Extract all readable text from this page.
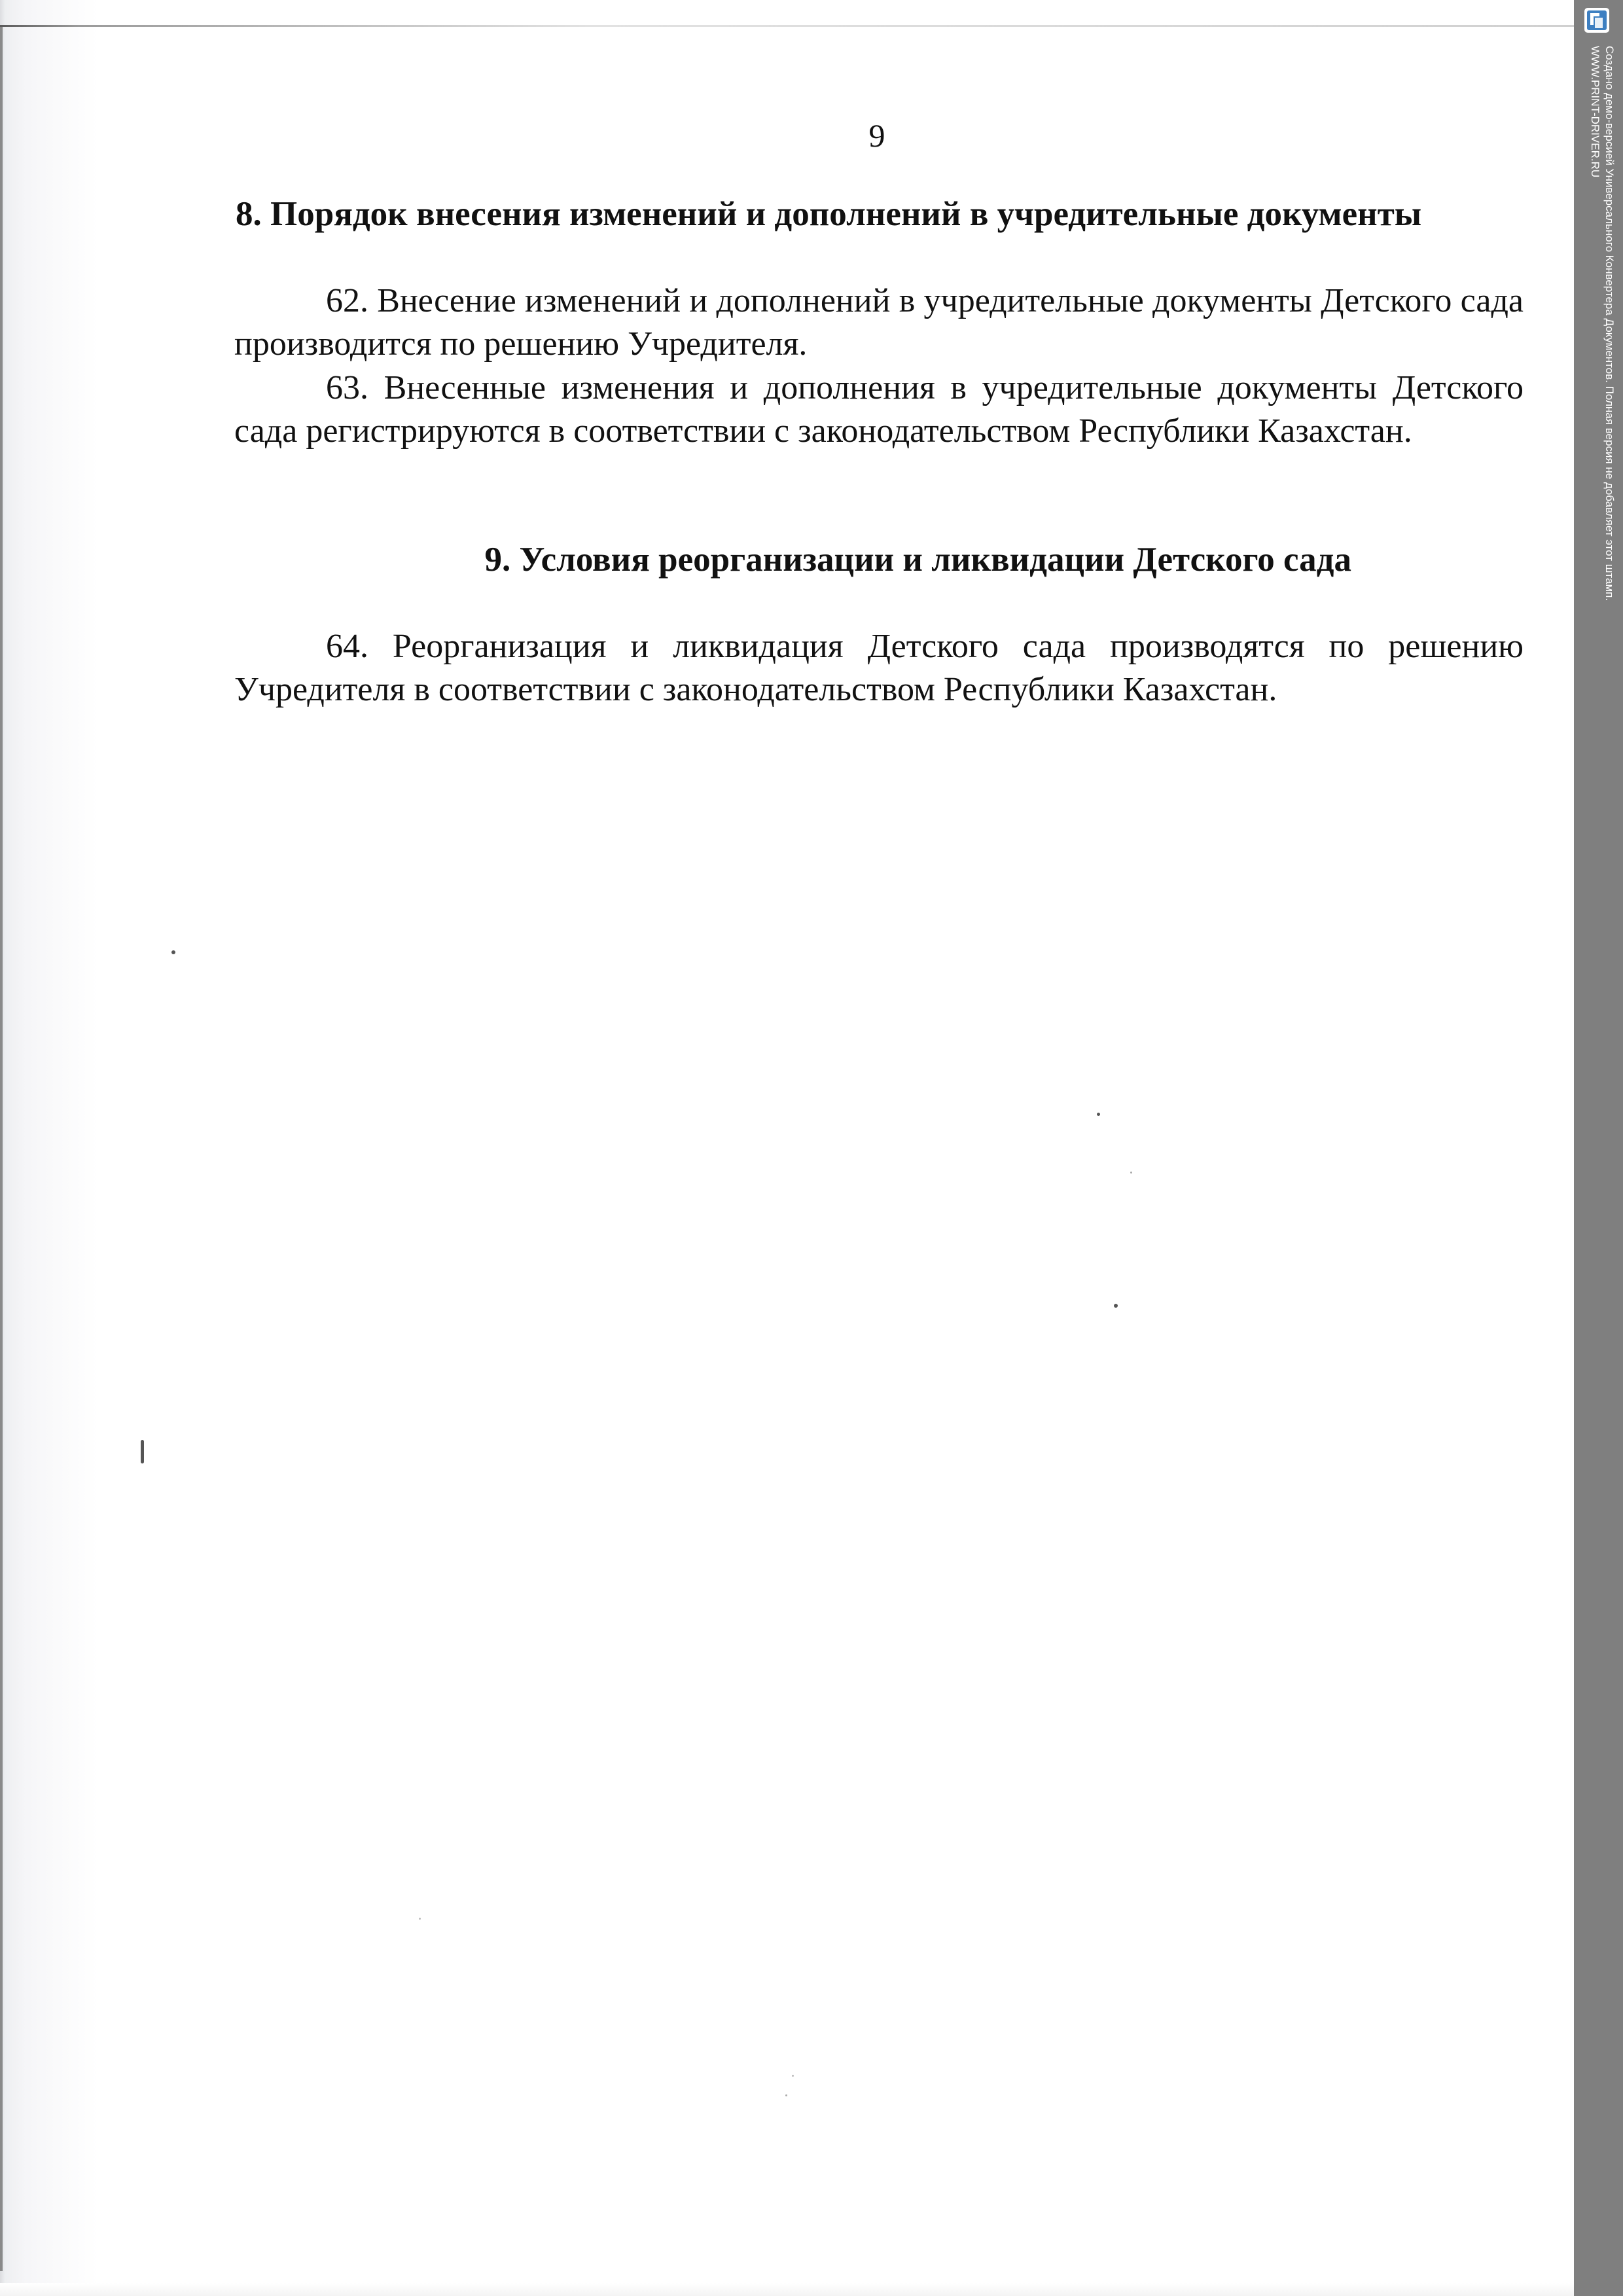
9
8. Порядок внесения изменений и дополнений в учредительные документы

62. Внесение изменений и дополнений в учредительные документы Детского сада производится по решению Учредителя.

63. Внесенные изменения и дополнения в учредительные документы Детского сада регистрируются в соответствии с законодательством Республики Казахстан.

9. Условия реорганизации и ликвидации Детского сада

64. Реорганизация и ликвидация Детского сада производятся по решению Учредителя в соответствии с законодательством Республики Казахстан.

Создано демо-версией Универсального Конвертера Документов. Полная версия не добавляет этот штамп.
WWW.PRINT-DRIVER.RU
